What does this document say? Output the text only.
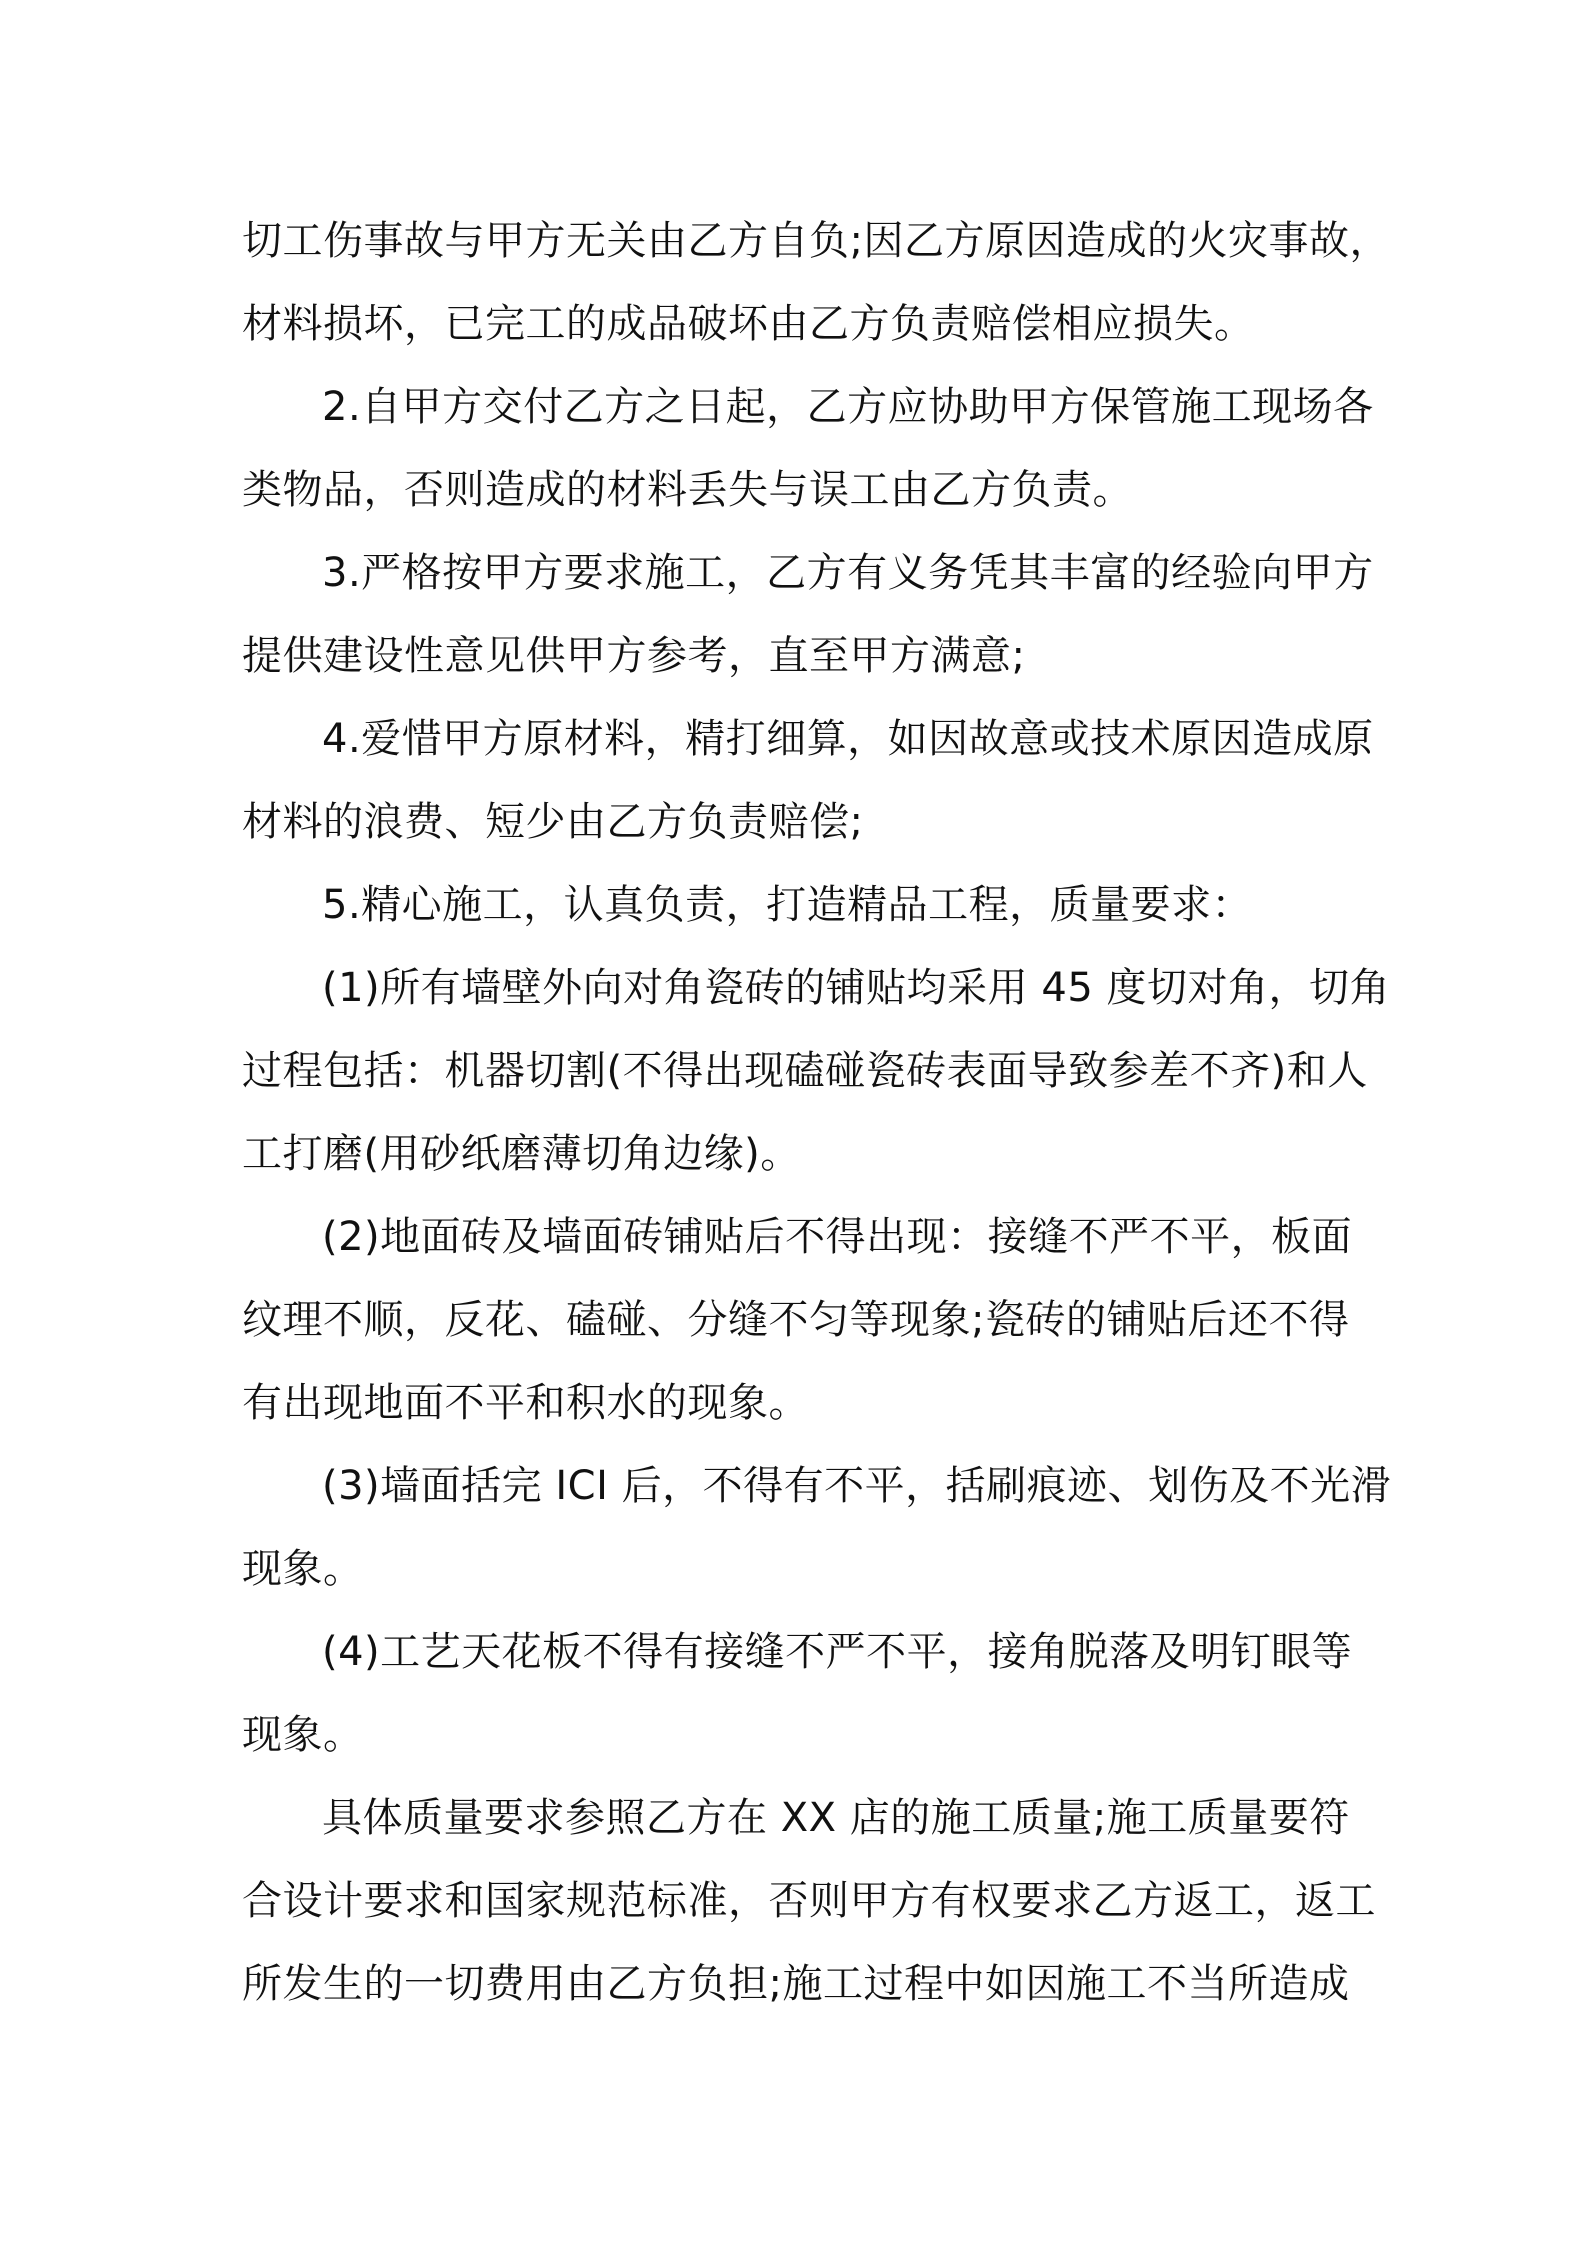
切工伤事故与甲方无关由乙方自负;因乙方原因造成的火灾事故，
材料损坏，已完工的成品破坏由乙方负责赔偿相应损失。
2.自甲方交付乙方之日起，乙方应协助甲方保管施工现场各
类物品，否则造成的材料丢失与误工由乙方负责。
3.严格按甲方要求施工，乙方有义务凭其丰富的经验向甲方
提供建设性意见供甲方参考，直至甲方满意;
4.爱惜甲方原材料，精打细算，如因故意或技术原因造成原
材料的浪费、短少由乙方负责赔偿;
5.精心施工，认真负责，打造精品工程，质量要求：
(1)所有墙壁外向对角瓷砖的铺贴均采用 45 度切对角，切角
过程包括：机器切割(不得出现磕碰瓷砖表面导致参差不齐)和人
工打磨(用砂纸磨薄切角边缘)。
(2)地面砖及墙面砖铺贴后不得出现：接缝不严不平，板面
纹理不顺，反花、磕碰、分缝不匀等现象;瓷砖的铺贴后还不得
有出现地面不平和积水的现象。
(3)墙面括完 ICI 后，不得有不平，括刷痕迹、划伤及不光滑
现象。
(4)工艺天花板不得有接缝不严不平，接角脱落及明钉眼等
现象。
具体质量要求参照乙方在 XX 店的施工质量;施工质量要符
合设计要求和国家规范标准，否则甲方有权要求乙方返工，返工
所发生的一切费用由乙方负担;施工过程中如因施工不当所造成
